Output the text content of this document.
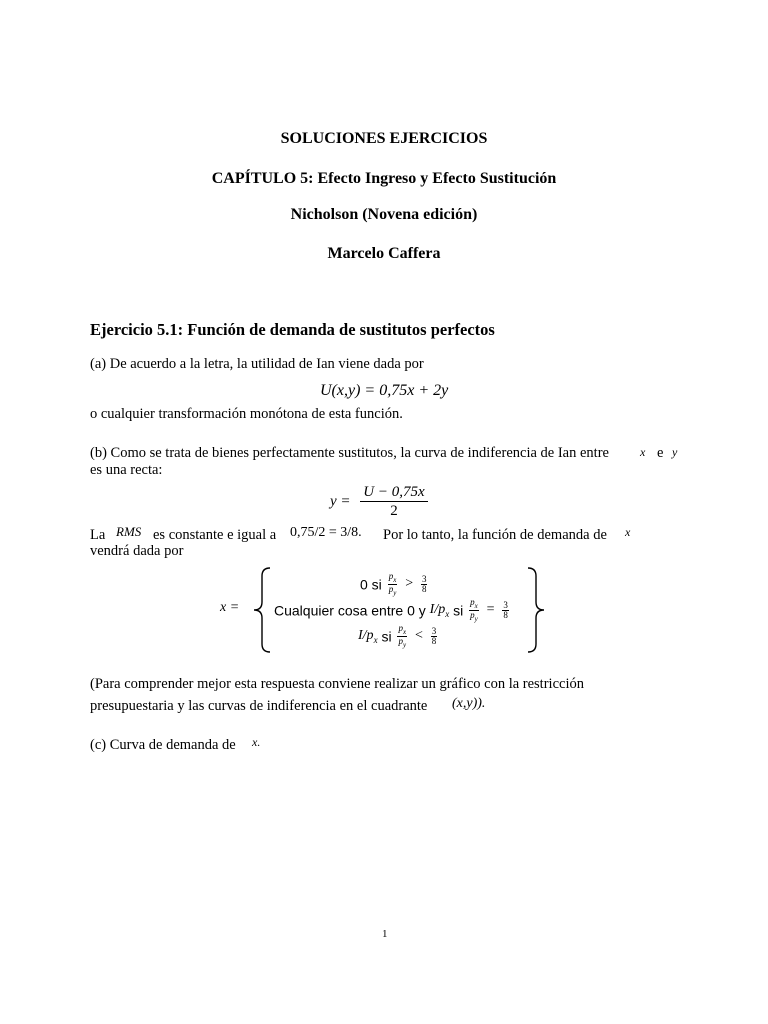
SOLUCIONES EJERCICIOS
CAPÍTULO 5: Efecto Ingreso y Efecto Sustitución
Nicholson (Novena edición)
Marcelo Caffera
Ejercicio 5.1: Función de demanda de sustitutos perfectos
(a) De acuerdo a la letra, la utilidad de Ian viene dada por
U(x,y) = 0,75x + 2y
o cualquier transformación monótona de esta función.
(b) Como se trata de bienes perfectamente sustitutos, la curva de indiferencia de Ian entre	x e y
es una recta:
$y = \frac{U - 0,75x}{2}$
La RMS es constante e igual a 0,75/2 = 3/8. Por lo tanto, la función de demanda de x
vendrá dada por
x =
0 si $\frac{p_x}{p_y} > \frac{3}{8}$
Cualquier cosa entre 0 y $I/p_x$ si $\frac{p_x}{p_y} = \frac{3}{8}$
$I/p_x$ si $\frac{p_x}{p_y} < \frac{3}{8}$
(Para comprender mejor esta respuesta conviene realizar un gráfico con la restricción
presupuestaria y las curvas de indiferencia en el cuadrante (x,y)).
(c) Curva de demanda de x.
1
